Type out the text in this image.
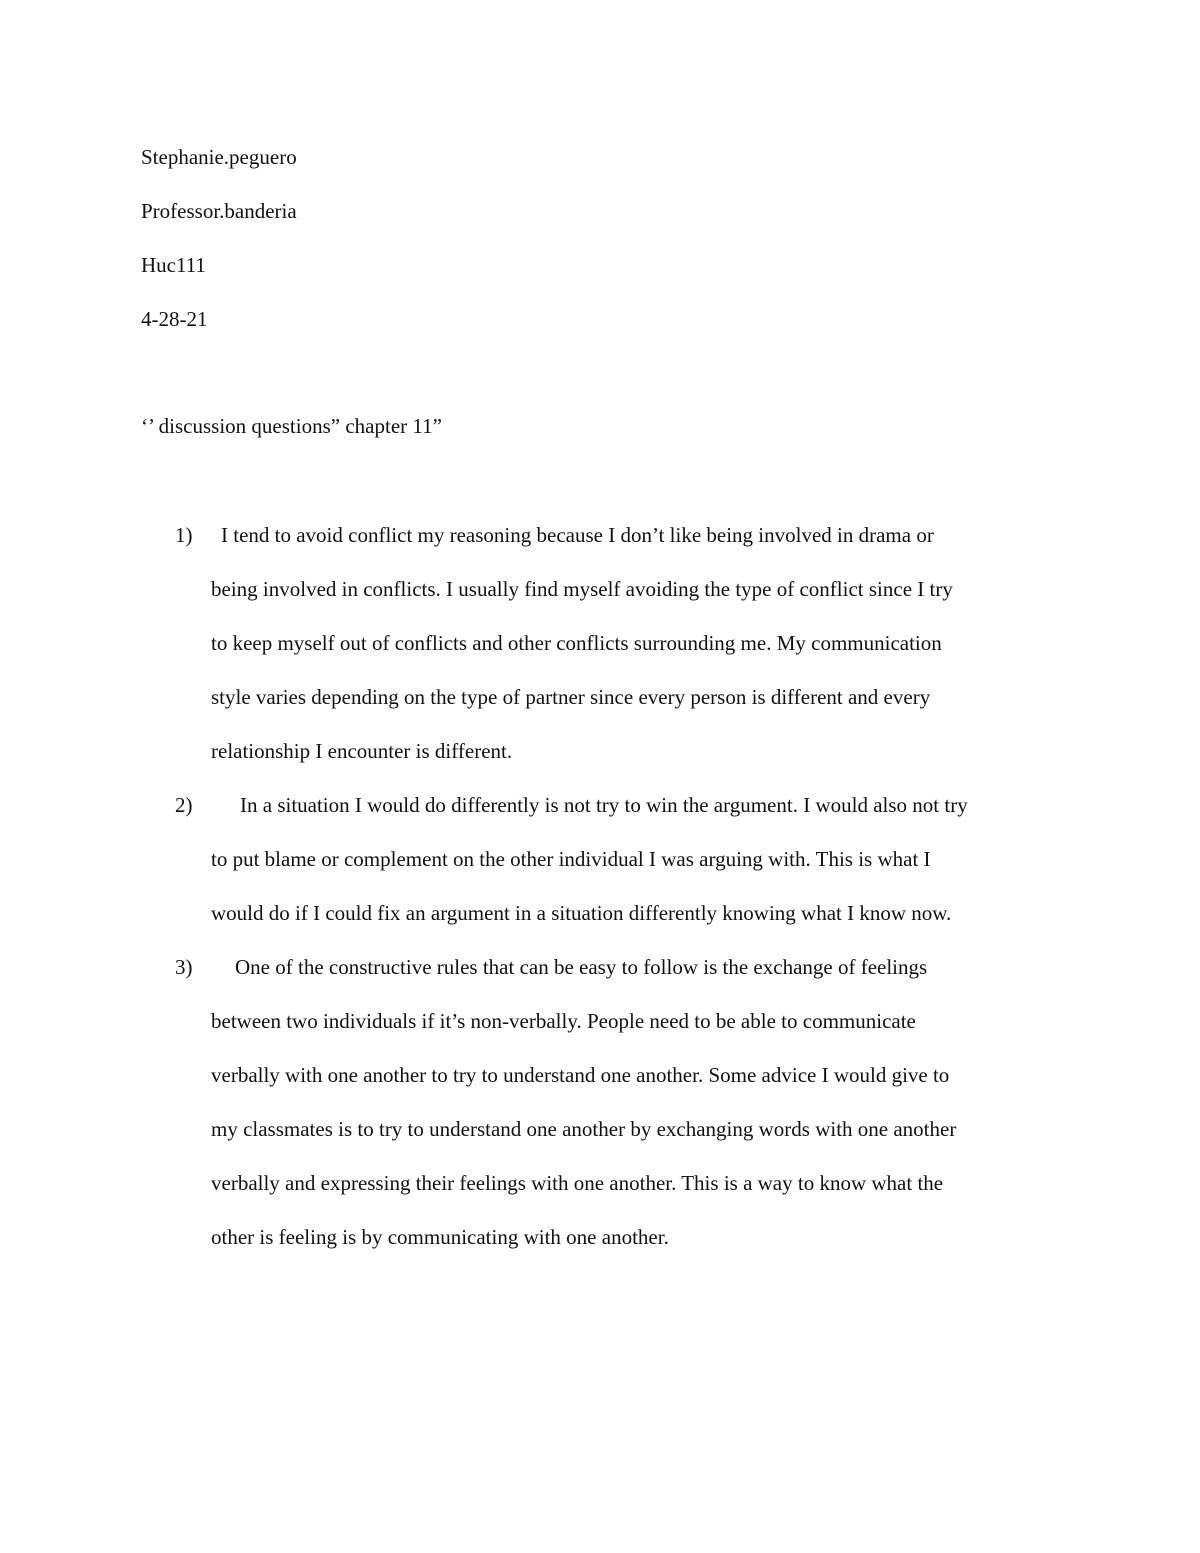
Stephanie.peguero
Professor.banderia
Huc111
4-28-21
‘’ discussion questions” chapter 11”
1)	I tend to avoid conflict my reasoning because I don’t like being involved in drama or
being involved in conflicts. I usually find myself avoiding the type of conflict since I try
to keep myself out of conflicts and other conflicts surrounding me. My communication
style varies depending on the type of partner since every person is different and every
relationship I encounter is different.
2)	In a situation I would do differently is not try to win the argument. I would also not try
to put blame or complement on the other individual I was arguing with. This is what I
would do if I could fix an argument in a situation differently knowing what I know now.
3)	One of the constructive rules that can be easy to follow is the exchange of feelings
between two individuals if it’s non-verbally. People need to be able to communicate
verbally with one another to try to understand one another. Some advice I would give to
my classmates is to try to understand one another by exchanging words with one another
verbally and expressing their feelings with one another. This is a way to know what the
other is feeling is by communicating with one another.
